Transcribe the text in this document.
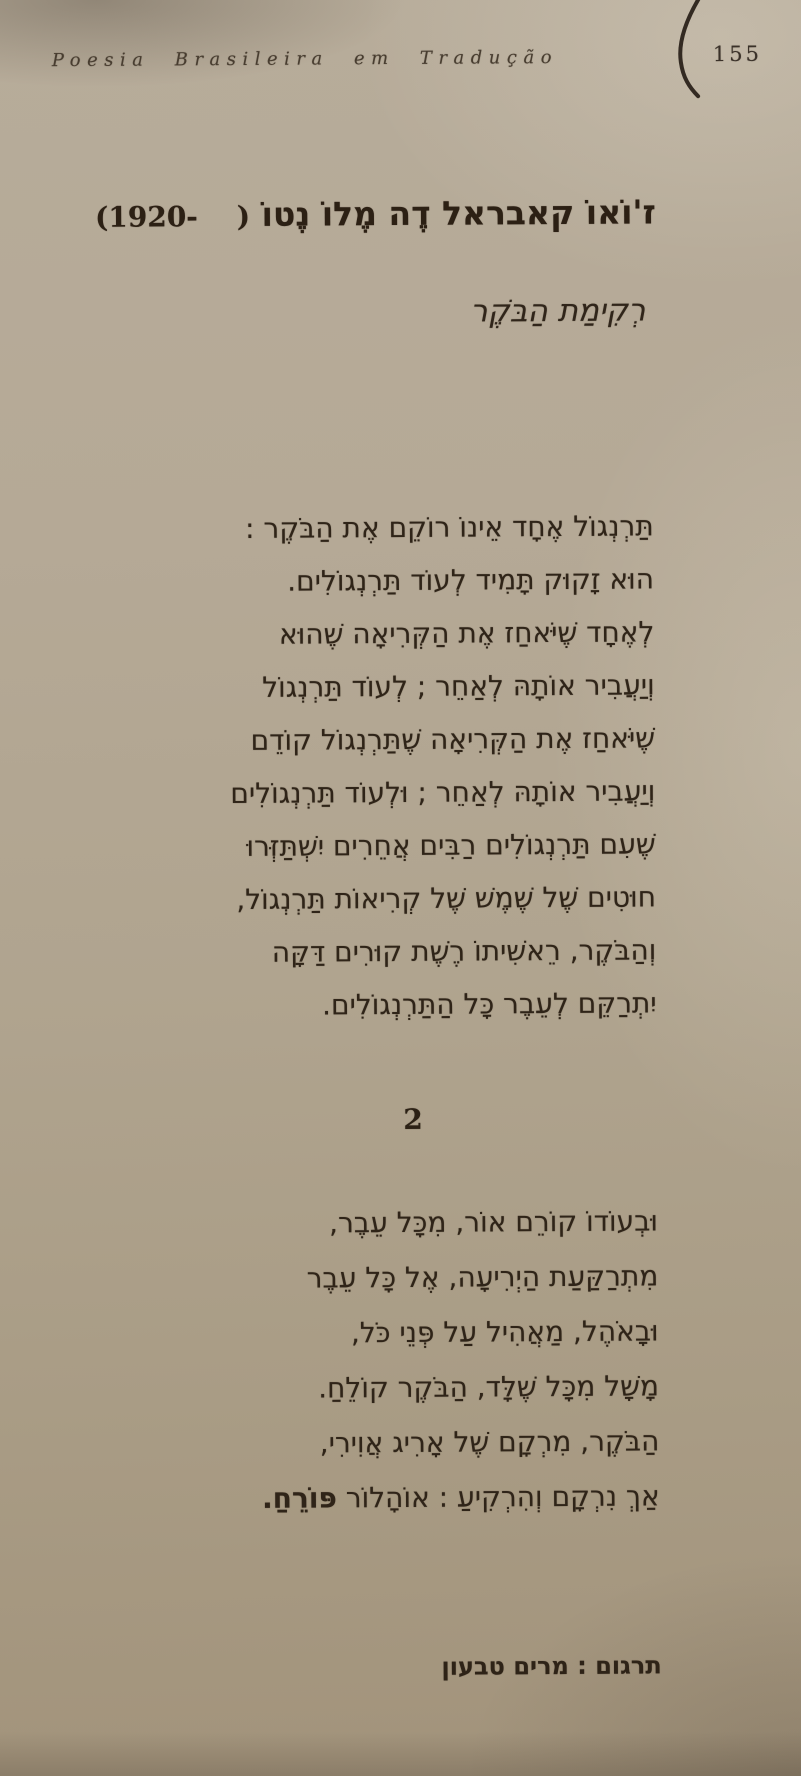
Poesia Brasileira em Tradução	155
ז'וֹאוֹ קאבראל דֶה מֶלוֹ נֶטוֹ (1920-    )
רְקִימַת הַבֹּקֶר
תַּרְנְגוֹל אֶחָד אֵינוֹ רוֹקֵם אֶת הַבֹּקֶר :
הוּא זָקוּק תָּמִיד לְעוֹד תַּרְנְגוֹלִים.
לְאֶחָד שֶׁיֹּאחַז אֶת הַקְּרִיאָה שֶׁהוּא
וְיַעֲבִיר אוֹתָהּ לְאַחֵר ; לְעוֹד תַּרְנְגוֹל
שֶׁיֹּאחַז אֶת הַקְּרִיאָה שֶׁתַּרְנְגוֹל קוֹדֵם
וְיַעֲבִיר אוֹתָהּ לְאַחֵר ; וּלְעוֹד תַּרְנְגוֹלִים
שֶׁעִם תַּרְנְגוֹלִים רַבִּים אֲחֵרִים יִשְׁתַּזְּרוּ
חוּטִים שֶׁל שֶׁמֶשׁ שֶׁל קְרִיאוֹת תַּרְנְגוֹל,
וְהַבֹּקֶר, רֵאשִׁיתוֹ רֶשֶׁת קוּרִים דַּקָּה
יִתְרַקֵּם לְעֵבֶר כָּל הַתַּרְנְגוֹלִים.
2
וּבְעוֹדוֹ קוֹרֵם אוֹר, מִכָּל עֵבֶר,
מִתְרַקַּעַת הַיְרִיעָה, אֶל כָּל עֵבֶר
וּבָאֹהֶל, מַאֲהִיל עַל פְּנֵי כֹּל,
מָשָׁל מִכָּל שֶׁלָּד, הַבֹּקֶר קוֹלֵחַ.
הַבֹּקֶר, מִרְקָם שֶׁל אָרִיג אֲוִירִי,
אַךְ נִרְקָם וְהִרְקִיעַ : אוֹהָלוֹר פּוֹרֵחַ.
תרגום : מרים טבעון
